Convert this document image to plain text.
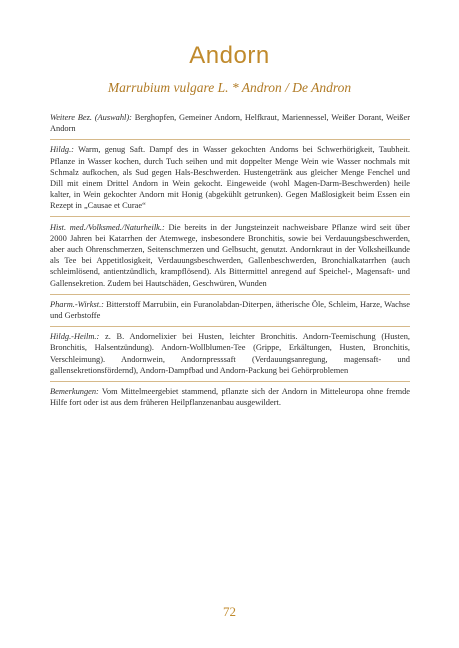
Andorn
Marrubium vulgare L. * Andron / De Andron

Weitere Bez. (Auswahl): Berghopfen, Gemeiner Andorn, Helfkraut, Mariennessel, Weißer Dorant, Weißer Andorn

Hildg.: Warm, genug Saft. Dampf des in Wasser gekochten Andorns bei Schwerhörigkeit, Taubheit. Pflanze in Wasser kochen, durch Tuch seihen und mit doppelter Menge Wein wie Wasser nochmals mit Schmalz aufkochen, als Sud gegen Hals-Beschwerden. Hustengetränk aus gleicher Menge Fenchel und Dill mit einem Drittel Andorn in Wein gekocht. Eingeweide (wohl Magen-Darm-Beschwerden) heile kalter, in Wein gekochter Andorn mit Honig (abgekühlt getrunken). Gegen Maßlosigkeit beim Essen ein Rezept in „Causae et Curae“

Hist. med./Volksmed./Naturheilk.: Die bereits in der Jungsteinzeit nachweisbare Pflanze wird seit über 2000 Jahren bei Katarrhen der Atemwege, insbesondere Bronchitis, sowie bei Verdauungsbeschwerden, aber auch Ohrenschmerzen, Seitenschmerzen und Gelbsucht, genutzt. Andornkraut in der Volksheilkunde als Tee bei Appetitlosigkeit, Verdauungsbeschwerden, Gallenbeschwerden, Bronchialkatarrhen (auch schleimlösend, antientzündlich, krampflösend). Als Bittermittel anregend auf Speichel-, Magensaft- und Gallensekretion. Zudem bei Hautschäden, Geschwüren, Wunden

Pharm.-Wirkst.: Bitterstoff Marrubiin, ein Furanolabdan-Diterpen, ätherische Öle, Schleim, Harze, Wachse und Gerbstoffe

Hildg.-Heilm.: z. B. Andornelixier bei Husten, leichter Bronchitis. Andorn-Teemischung (Husten, Bronchitis, Halsentzündung). Andorn-Wollblumen-Tee (Grippe, Erkältungen, Husten, Bronchitis, Verschleimung). Andornwein, Andornpresssaft (Verdauungsanregung, magensaft- und gallensekretionsfördernd), Andorn-Dampfbad und Andorn-Packung bei Gehörproblemen

Bemerkungen: Vom Mittelmeergebiet stammend, pflanzte sich der Andorn in Mitteleuropa ohne fremde Hilfe fort oder ist aus dem früheren Heilpflanzenanbau ausgewildert.

72
